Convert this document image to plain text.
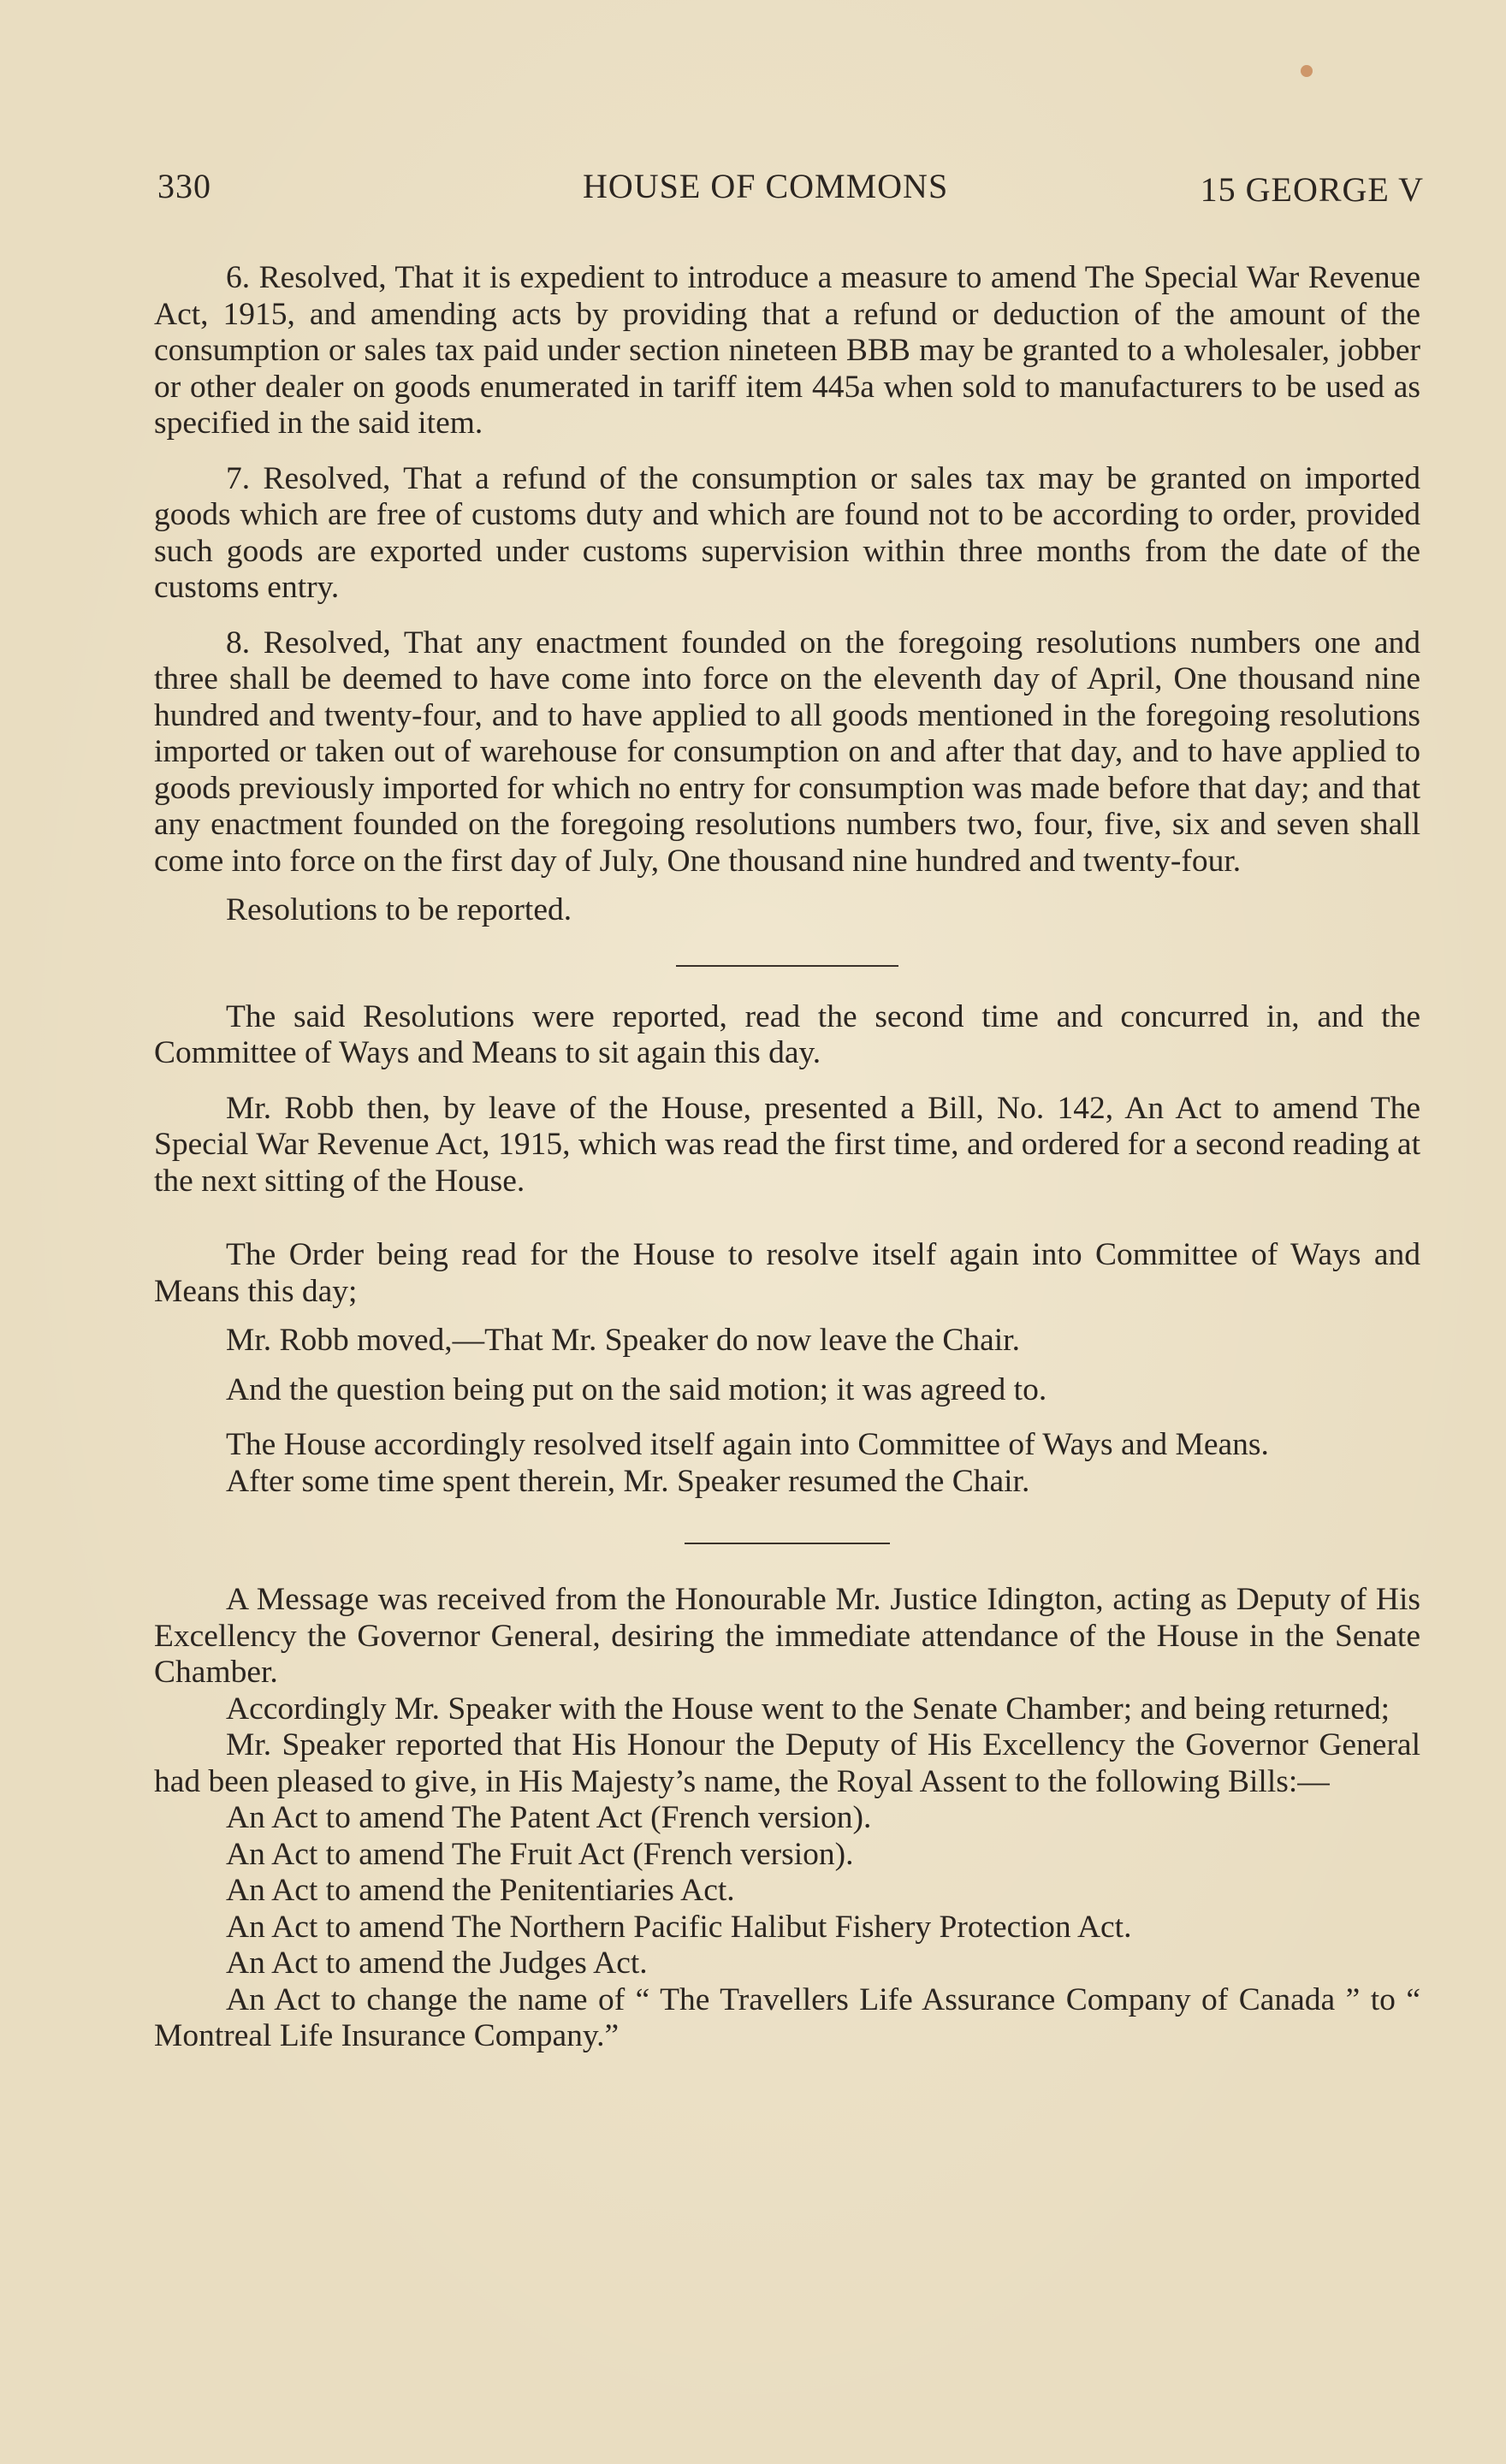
330	HOUSE OF COMMONS	15 GEORGE V

6. Resolved, That it is expedient to introduce a measure to amend The Special War Revenue Act, 1915, and amending acts by providing that a refund or deduction of the amount of the consumption or sales tax paid under section nineteen BBB may be granted to a wholesaler, jobber or other dealer on goods enumerated in tariff item 445a when sold to manufacturers to be used as specified in the said item.

7. Resolved, That a refund of the consumption or sales tax may be granted on imported goods which are free of customs duty and which are found not to be according to order, provided such goods are exported under customs supervision within three months from the date of the customs entry.

8. Resolved, That any enactment founded on the foregoing resolutions numbers one and three shall be deemed to have come into force on the eleventh day of April, One thousand nine hundred and twenty-four, and to have applied to all goods mentioned in the foregoing resolutions imported or taken out of warehouse for consumption on and after that day, and to have applied to goods previously imported for which no entry for consumption was made before that day; and that any enactment founded on the foregoing resolutions numbers two, four, five, six and seven shall come into force on the first day of July, One thousand nine hundred and twenty-four.

Resolutions to be reported.

The said Resolutions were reported, read the second time and concurred in, and the Committee of Ways and Means to sit again this day.

Mr. Robb then, by leave of the House, presented a Bill, No. 142, An Act to amend The Special War Revenue Act, 1915, which was read the first time, and ordered for a second reading at the next sitting of the House.

The Order being read for the House to resolve itself again into Committee of Ways and Means this day;

Mr. Robb moved,—That Mr. Speaker do now leave the Chair.

And the question being put on the said motion; it was agreed to.

The House accordingly resolved itself again into Committee of Ways and Means.

After some time spent therein, Mr. Speaker resumed the Chair.

A Message was received from the Honourable Mr. Justice Idington, acting as Deputy of His Excellency the Governor General, desiring the immediate attendance of the House in the Senate Chamber.

Accordingly Mr. Speaker with the House went to the Senate Chamber; and being returned;

Mr. Speaker reported that His Honour the Deputy of His Excellency the Governor General had been pleased to give, in His Majesty’s name, the Royal Assent to the following Bills:—

An Act to amend The Patent Act (French version).

An Act to amend The Fruit Act (French version).

An Act to amend the Penitentiaries Act.

An Act to amend The Northern Pacific Halibut Fishery Protection Act.

An Act to amend the Judges Act.

An Act to change the name of “ The Travellers Life Assurance Company of Canada ” to “ Montreal Life Insurance Company.”
